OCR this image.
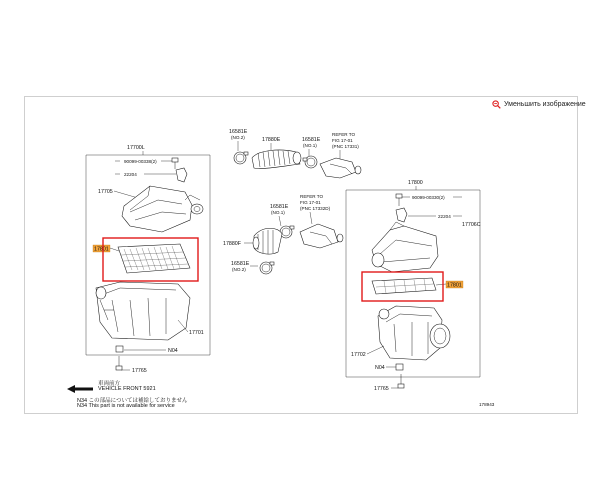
Уменьшить изображение
17700L
90099-00338(2)
22204
17705
17801
17701
N04
17765
16581E
(NO.2)	17880E	16581E
(NO.1)
REFER TO
FIG 17-01
(PNC 17331)
16581E
(NO.1)
REFER TO
FIG 17-01
(PNC 17332D)
17880F
16581E
(NO.2)
17800
90099-00330(2)
22204
17706C
17801
17702
N04
17765
178943
車両前方
VEHICLE FRONT 5921
N34 この部品については補給しておりません
N34 This part is not available for service
